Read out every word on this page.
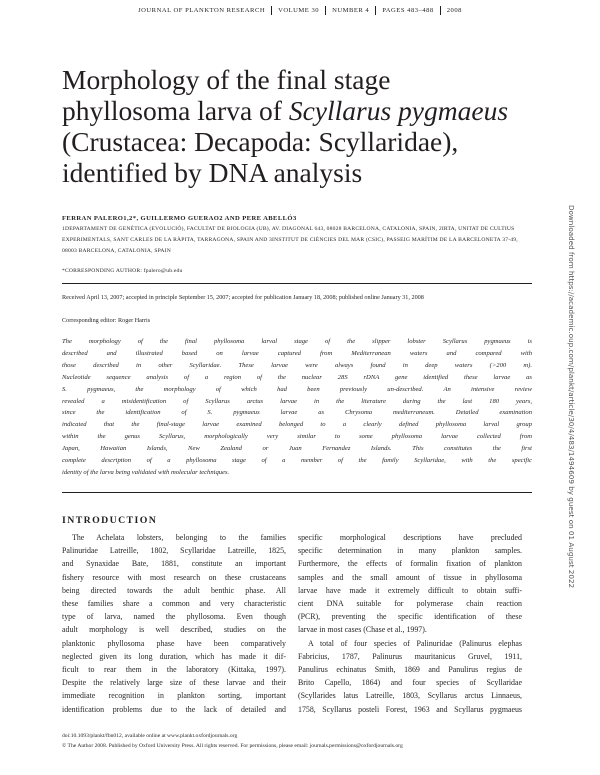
JOURNAL OF PLANKTON RESEARCH VOLUME 30 NUMBER 4 PAGES 483–488 2008
Morphology of the final stage
phyllosoma larva of Scyllarus pygmaeus
(Crustacea: Decapoda: Scyllaridae),
identified by DNA analysis
FERRAN PALERO1,2*, GUILLERMO GUERAO2 AND PERE ABELLÓ3
1DEPARTAMENT DE GENÈTICA (EVOLUCIÓ), FACULTAT DE BIOLOGIA (UB), AV. DIAGONAL 643, 08028 BARCELONA, CATALONIA, SPAIN, 2IRTA, UNITAT DE CULTIUS
EXPERIMENTALS, SANT CARLES DE LA RÀPITA, TARRAGONA, SPAIN AND 3INSTITUT DE CIÈNCIES DEL MAR (CSIC), PASSEIG MARÍTIM DE LA BARCELONETA 37-49,
08003 BARCELONA, CATALONIA, SPAIN
*CORRESPONDING AUTHOR: fpalero@ub.edu
Received April 13, 2007; accepted in principle September 15, 2007; accepted for publication January 18, 2008; published online January 31, 2008
Corresponding editor: Roger Harris
The morphology of the final phyllosoma larval stage of the slipper lobster Scyllarus pygmaeus is
described and illustrated based on larvae captured from Mediterranean waters and compared with
those described in other Scyllaridae. These larvae were always found in deep waters (>200 m).
Nucleotide sequence analysis of a region of the nuclear 28S rDNA gene identified these larvae as
S. pygmaeus, the morphology of which had been previously un-described. An intensive review
revealed a misidentification of Scyllarus arctus larvae in the literature during the last 180 years,
since the identification of S. pygmaeus larvae as Chrysoma mediterraneum. Detailed examination
indicated that the final-stage larvae examined belonged to a clearly defined phyllosoma larval group
within the genus Scyllarus, morphologically very similar to some phyllosoma larvae collected from
Japan, Hawaiian Islands, New Zealand or Juan Fernandez Islands. This constitutes the first
complete description of a phyllosoma stage of a member of the family Scyllaridae, with the specific
identity of the larva being validated with molecular techniques.
INTRODUCTION
The Achelata lobsters, belonging to the families
Palinuridae Latreille, 1802, Scyllaridae Latreille, 1825,
and Synaxidae Bate, 1881, constitute an important
fishery resource with most research on these crustaceans
being directed towards the adult benthic phase. All
these families share a common and very characteristic
type of larva, named the phyllosoma. Even though
adult morphology is well described, studies on the
planktonic phyllosoma phase have been comparatively
neglected given its long duration, which has made it dif-
ficult to rear them in the laboratory (Kittaka, 1997).
Despite the relatively large size of these larvae and their
immediate recognition in plankton sorting, important
identification problems due to the lack of detailed and
specific morphological descriptions have precluded
specific determination in many plankton samples.
Furthermore, the effects of formalin fixation of plankton
samples and the small amount of tissue in phyllosoma
larvae have made it extremely difficult to obtain suffi-
cient DNA suitable for polymerase chain reaction
(PCR), preventing the specific identification of these
larvae in most cases (Chase et al., 1997).
A total of four species of Palinuridae (Palinurus elephas
Fabricius, 1787, Palinurus mauritanicus Gruvel, 1911,
Panulirus echinatus Smith, 1869 and Panulirus regius de
Brito Capello, 1864) and four species of Scyllaridae
(Scyllarides latus Latreille, 1803, Scyllarus arctus Linnaeus,
1758, Scyllarus posteli Forest, 1963 and Scyllarus pygmaeus
doi:10.1093/plankt/fbn012, available online at www.plankt.oxfordjournals.org
© The Author 2008. Published by Oxford University Press. All rights reserved. For permissions, please email: journals.permissions@oxfordjournals.org
Downloaded from https://academic.oup.com/plankt/article/30/4/483/1494609 by guest on 01 August 2022
